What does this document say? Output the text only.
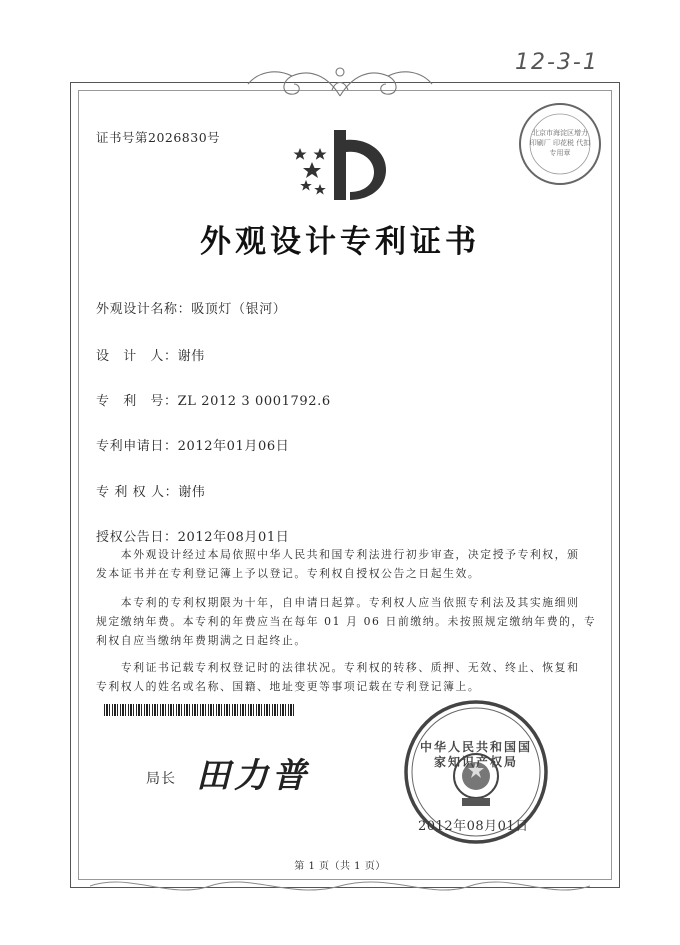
12-3-1
北京市海淀区增力印刷厂 印花税 代扣专用章
证书号第2026830号
外观设计专利证书
外观设计名称：吸顶灯（银河）
设　计　人：谢伟
专　利　号：ZL 2012 3 0001792.6
专利申请日：2012年01月06日
专 利 权 人：谢伟
授权公告日：2012年08月01日
　　本外观设计经过本局依照中华人民共和国专利法进行初步审查，决定授予专利权，颁
发本证书并在专利登记簿上予以登记。专利权自授权公告之日起生效。
　　本专利的专利权期限为十年，自申请日起算。专利权人应当依照专利法及其实施细则
规定缴纳年费。本专利的年费应当在每年 01 月 06 日前缴纳。未按照规定缴纳年费的，专
利权自应当缴纳年费期满之日起终止。
　　专利证书记载专利权登记时的法律状况。专利权的转移、质押、无效、终止、恢复和
专利权人的姓名或名称、国籍、地址变更等事项记载在专利登记簿上。
局长 田力普
中华人民共和国国家知识产权局
2012年08月01日
第 1 页（共 1 页）
